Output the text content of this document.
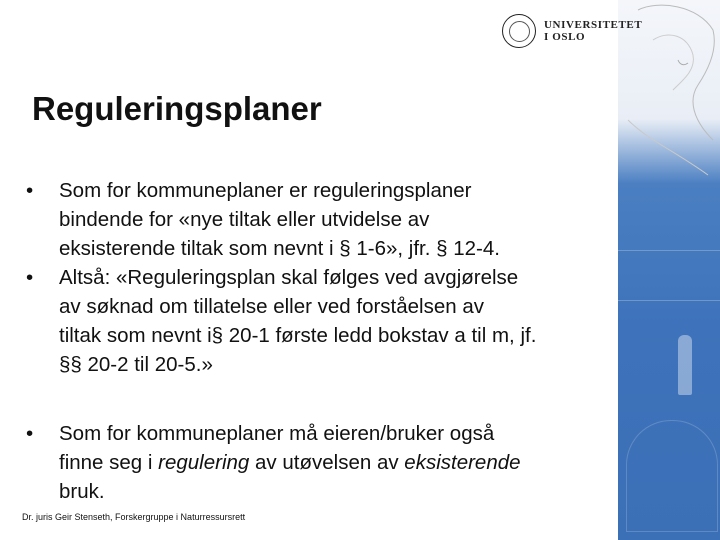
UNIVERSITETET
I OSLO
Reguleringsplaner
•	Som for kommuneplaner er reguleringsplaner
bindende for «nye tiltak eller utvidelse av
eksisterende tiltak som nevnt i § 1-6», jfr. § 12-4.
•	Altså: «Reguleringsplan skal følges ved avgjørelse
av søknad om tillatelse eller ved forståelsen av
tiltak som nevnt i§ 20-1 første ledd bokstav a til m, jf.
§§ 20-2 til 20-5.»
•	Som for kommuneplaner må eieren/bruker også
finne seg i regulering av utøvelsen av eksisterende
bruk.
Dr. juris Geir Stenseth, Forskergruppe i Naturressursrett
